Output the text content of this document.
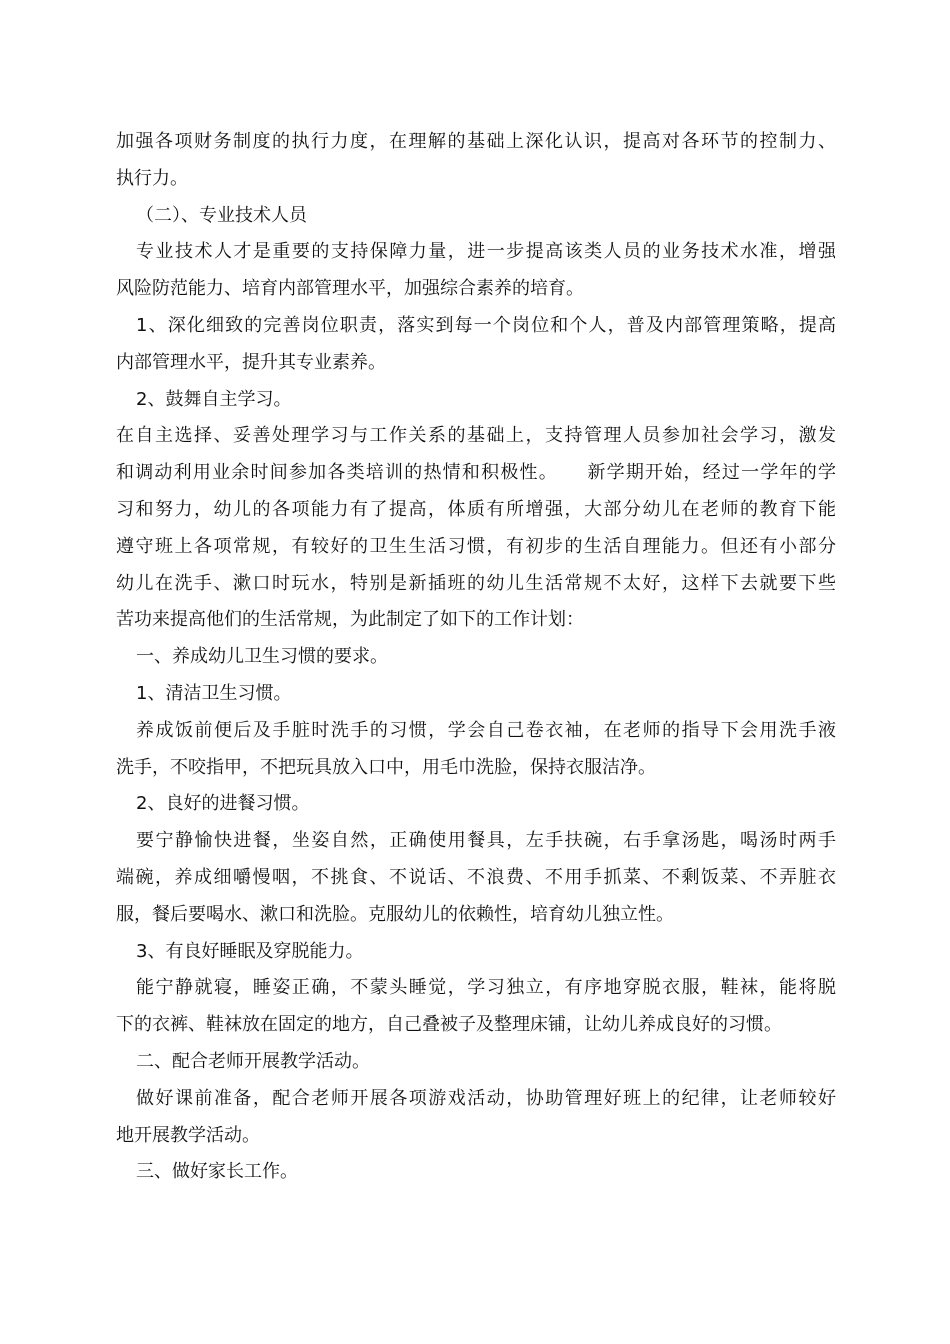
加强各项财务制度的执行力度，在理解的基础上深化认识，提高对各环节的控制力、
执行力。
（二）、专业技术人员
专业技术人才是重要的支持保障力量，进一步提高该类人员的业务技术水准，增强
风险防范能力、培育内部管理水平，加强综合素养的培育。
1、深化细致的完善岗位职责，落实到每一个岗位和个人，普及内部管理策略，提高
内部管理水平，提升其专业素养。
2、鼓舞自主学习。
在自主选择、妥善处理学习与工作关系的基础上，支持管理人员参加社会学习，激发
和调动利用业余时间参加各类培训的热情和积极性。　　新学期开始，经过一学年的学
习和努力，幼儿的各项能力有了提高，体质有所增强，大部分幼儿在老师的教育下能
遵守班上各项常规，有较好的卫生生活习惯，有初步的生活自理能力。但还有小部分
幼儿在洗手、漱口时玩水，特别是新插班的幼儿生活常规不太好，这样下去就要下些
苦功来提高他们的生活常规，为此制定了如下的工作计划：
一、养成幼儿卫生习惯的要求。
1、清洁卫生习惯。
养成饭前便后及手脏时洗手的习惯，学会自己卷衣袖，在老师的指导下会用洗手液
洗手，不咬指甲，不把玩具放入口中，用毛巾洗脸，保持衣服洁净。
2、良好的进餐习惯。
要宁静愉快进餐，坐姿自然，正确使用餐具，左手扶碗，右手拿汤匙，喝汤时两手
端碗，养成细嚼慢咽，不挑食、不说话、不浪费、不用手抓菜、不剩饭菜、不弄脏衣
服，餐后要喝水、漱口和洗脸。克服幼儿的依赖性，培育幼儿独立性。
3、有良好睡眠及穿脱能力。
能宁静就寝，睡姿正确，不蒙头睡觉，学习独立，有序地穿脱衣服，鞋袜，能将脱
下的衣裤、鞋袜放在固定的地方，自己叠被子及整理床铺，让幼儿养成良好的习惯。
二、配合老师开展教学活动。
做好课前准备，配合老师开展各项游戏活动，协助管理好班上的纪律，让老师较好
地开展教学活动。
三、做好家长工作。
